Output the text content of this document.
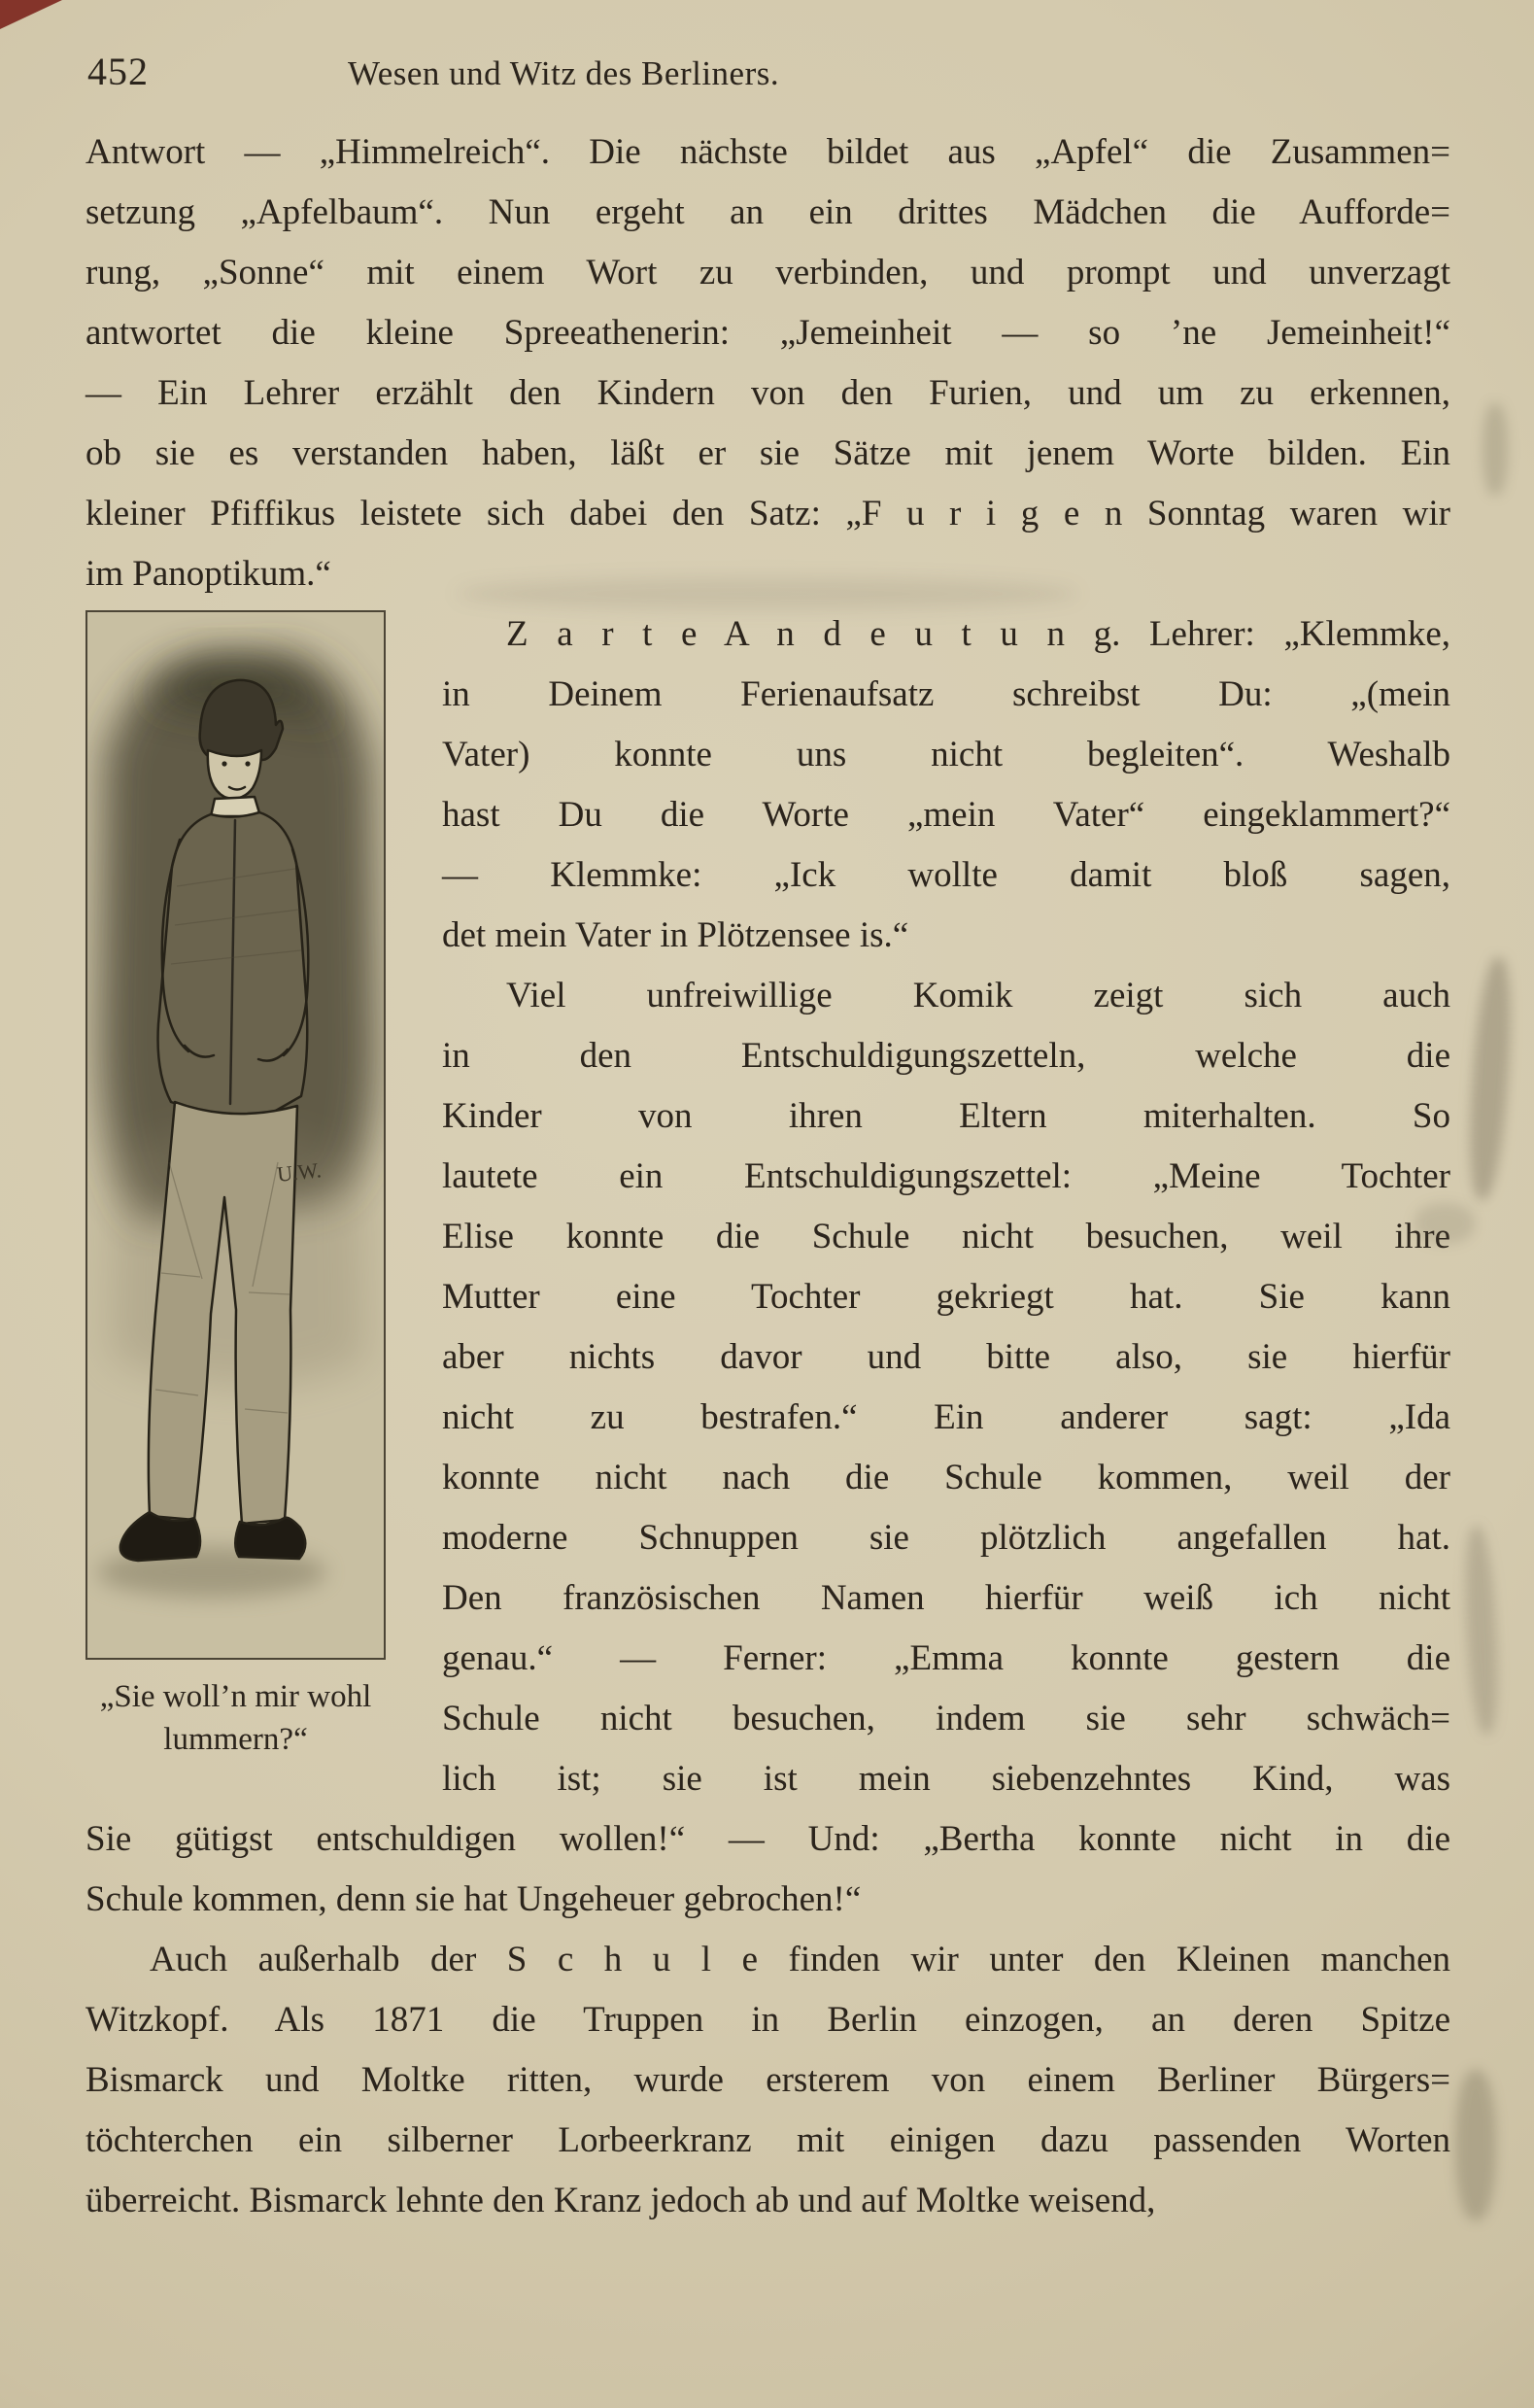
452	Wesen und Witz des Berliners.
Antwort — „Himmelreich“. Die nächste bildet aus „Apfel“ die Zusammen=
setzung „Apfelbaum“. Nun ergeht an ein drittes Mädchen die Aufforde=
rung, „Sonne“ mit einem Wort zu verbinden, und prompt und unverzagt
antwortet die kleine Spreeathenerin: „Jemeinheit — so ’ne Jemeinheit!“
— Ein Lehrer erzählt den Kindern von den Furien, und um zu erkennen,
ob sie es verstanden haben, läßt er sie Sätze mit jenem Worte bilden. Ein
kleiner Pfiffikus leistete sich dabei den Satz: „F u r i g e n Sonntag waren wir
im Panoptikum.“
U.W.
„Sie woll’n mir wohl
lummern?“
Z a r t e A n d e u t u n g. Lehrer: „Klemmke,
in Deinem Ferienaufsatz schreibst Du: „(mein
Vater) konnte uns nicht begleiten“. Weshalb
hast Du die Worte „mein Vater“ eingeklammert?“
— Klemmke: „Ick wollte damit bloß sagen,
det mein Vater in Plötzensee is.“
Viel unfreiwillige Komik zeigt sich auch
in den Entschuldigungszetteln, welche die
Kinder von ihren Eltern miterhalten. So
lautete ein Entschuldigungszettel: „Meine Tochter
Elise konnte die Schule nicht besuchen, weil ihre
Mutter eine Tochter gekriegt hat. Sie kann
aber nichts davor und bitte also, sie hierfür
nicht zu bestrafen.“ Ein anderer sagt: „Ida
konnte nicht nach die Schule kommen, weil der
moderne Schnuppen sie plötzlich angefallen hat.
Den französischen Namen hierfür weiß ich nicht
genau.“ — Ferner: „Emma konnte gestern die
Schule nicht besuchen, indem sie sehr schwäch=
lich ist; sie ist mein siebenzehntes Kind, was
Sie gütigst entschuldigen wollen!“ — Und: „Bertha konnte nicht in die
Schule kommen, denn sie hat Ungeheuer gebrochen!“
Auch außerhalb der S c h u l e finden wir unter den Kleinen manchen
Witzkopf. Als 1871 die Truppen in Berlin einzogen, an deren Spitze
Bismarck und Moltke ritten, wurde ersterem von einem Berliner Bürgers=
töchterchen ein silberner Lorbeerkranz mit einigen dazu passenden Worten
überreicht. Bismarck lehnte den Kranz jedoch ab und auf Moltke weisend,
